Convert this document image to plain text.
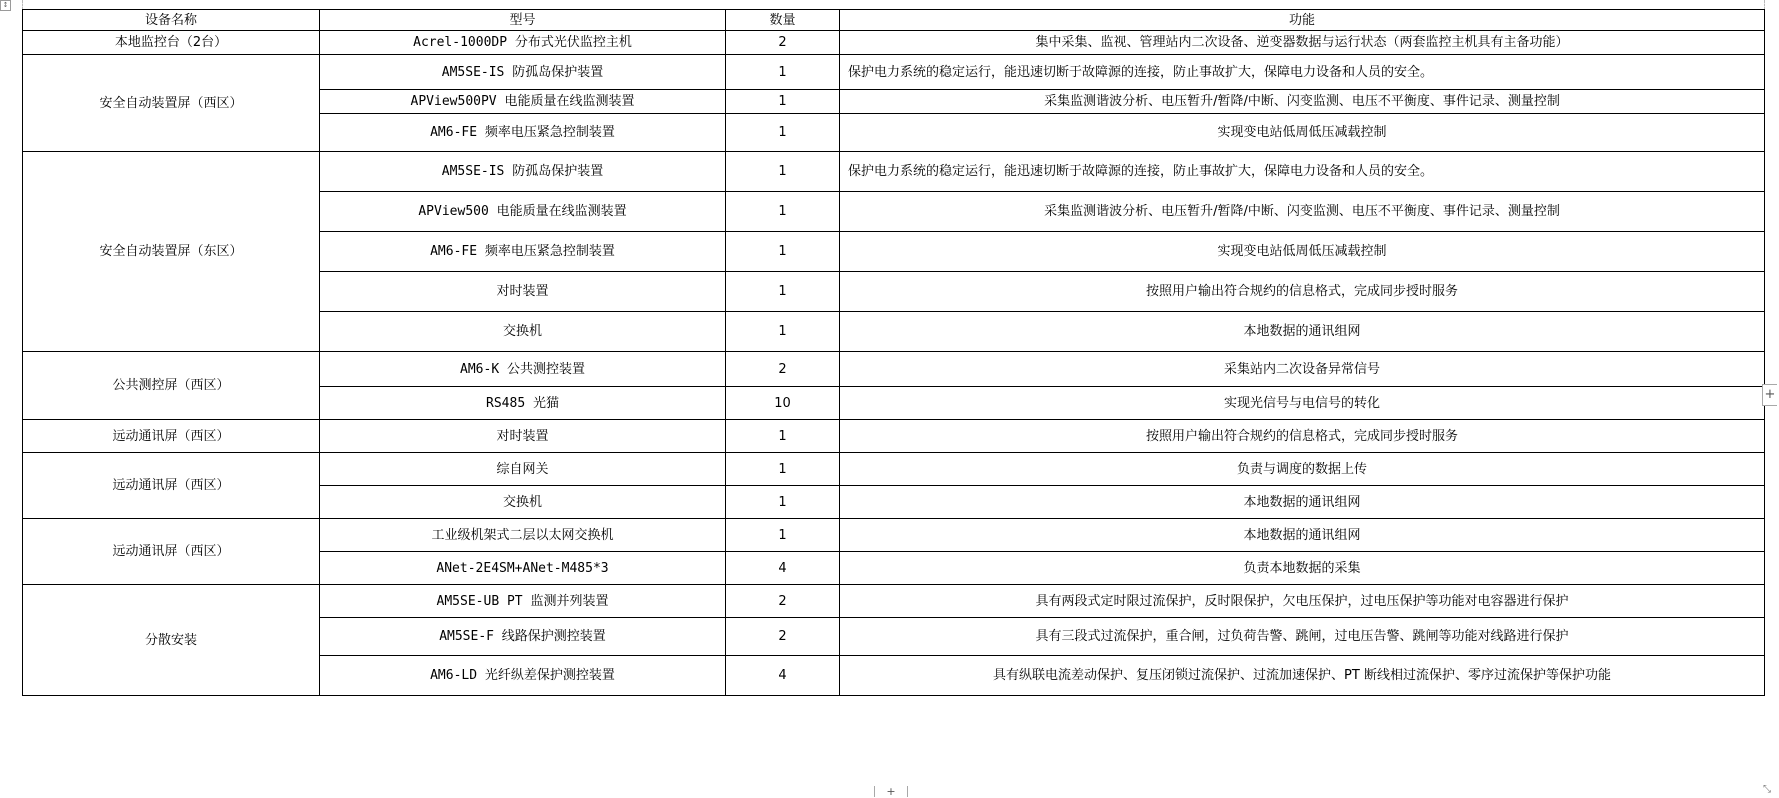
↕
设备名称	型号	数量	功能
本地监控台（2台）	Acrel-1000DP 分布式光伏监控主机	2	集中采集、监视、管理站内二次设备、逆变器数据与运行状态（两套监控主机具有主备功能）
安全自动装置屏（西区）	AM5SE-IS 防孤岛保护装置	1	保护电力系统的稳定运行，能迅速切断于故障源的连接，防止事故扩大，保障电力设备和人员的安全。
	APView500PV 电能质量在线监测装置	1	采集监测谐波分析、电压暂升/暂降/中断、闪变监测、电压不平衡度、事件记录、测量控制
	AM6-FE 频率电压紧急控制装置	1	实现变电站低周低压减载控制
安全自动装置屏（东区）	AM5SE-IS 防孤岛保护装置	1	保护电力系统的稳定运行，能迅速切断于故障源的连接，防止事故扩大，保障电力设备和人员的安全。
	APView500 电能质量在线监测装置	1	采集监测谐波分析、电压暂升/暂降/中断、闪变监测、电压不平衡度、事件记录、测量控制
	AM6-FE 频率电压紧急控制装置	1	实现变电站低周低压减载控制
	对时装置	1	按照用户输出符合规约的信息格式，完成同步授时服务
	交换机	1	本地数据的通讯组网
公共测控屏（西区）	AM6-K 公共测控装置	2	采集站内二次设备异常信号
	RS485 光猫	10	实现光信号与电信号的转化
远动通讯屏（西区）	对时装置	1	按照用户输出符合规约的信息格式，完成同步授时服务
远动通讯屏（西区）	综自网关	1	负责与调度的数据上传
	交换机	1	本地数据的通讯组网
远动通讯屏（西区）	工业级机架式二层以太网交换机	1	本地数据的通讯组网
	ANet-2E4SM+ANet-M485*3	4	负责本地数据的采集
分散安装	AM5SE-UB PT 监测并列装置	2	具有两段式定时限过流保护，反时限保护，欠电压保护，过电压保护等功能对电容器进行保护
	AM5SE-F 线路保护测控装置	2	具有三段式过流保护，重合闸，过负荷告警、跳闸，过电压告警、跳闸等功能对线路进行保护
	AM6-LD 光纤纵差保护测控装置	4	具有纵联电流差动保护、复压闭锁过流保护、过流加速保护、PT 断线相过流保护、零序过流保护等保护功能
+
+	⤡
